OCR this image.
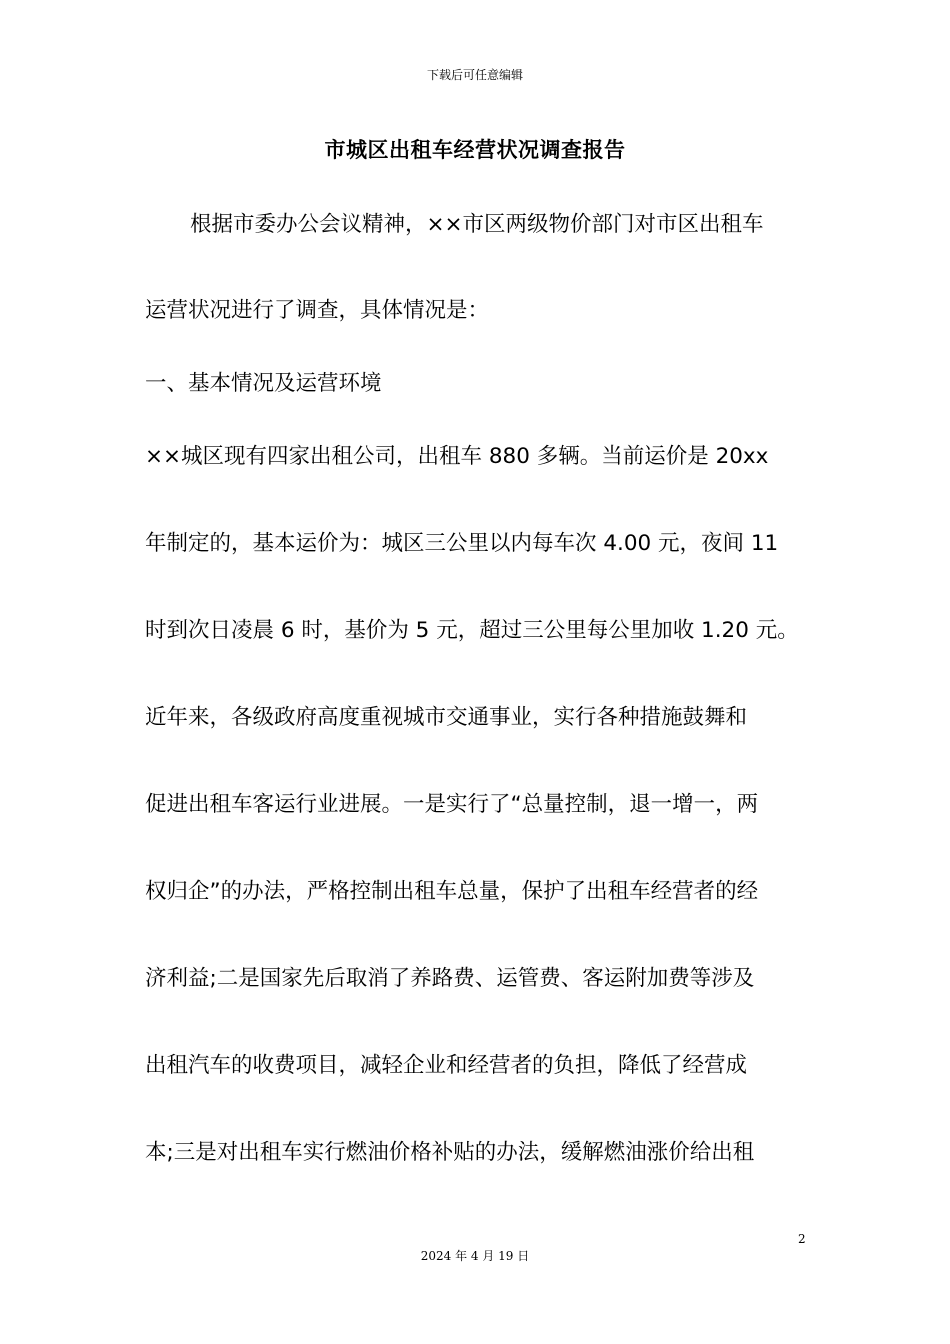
下载后可任意编辑
市城区出租车经营状况调查报告
根据市委办公会议精神，××市区两级物价部门对市区出租车
运营状况进行了调查，具体情况是：
一、基本情况及运营环境
××城区现有四家出租公司，出租车 880 多辆。当前运价是 20xx
年制定的，基本运价为：城区三公里以内每车次 4.00 元，夜间 11
时到次日凌晨 6 时，基价为 5 元，超过三公里每公里加收 1.20 元。
近年来，各级政府高度重视城市交通事业，实行各种措施鼓舞和
促进出租车客运行业进展。一是实行了“总量控制，退一增一，两
权归企”的办法，严格控制出租车总量，保护了出租车经营者的经
济利益;二是国家先后取消了养路费、运管费、客运附加费等涉及
出租汽车的收费项目，减轻企业和经营者的负担，降低了经营成
本;三是对出租车实行燃油价格补贴的办法，缓解燃油涨价给出租
2
2024 年 4 月 19 日
